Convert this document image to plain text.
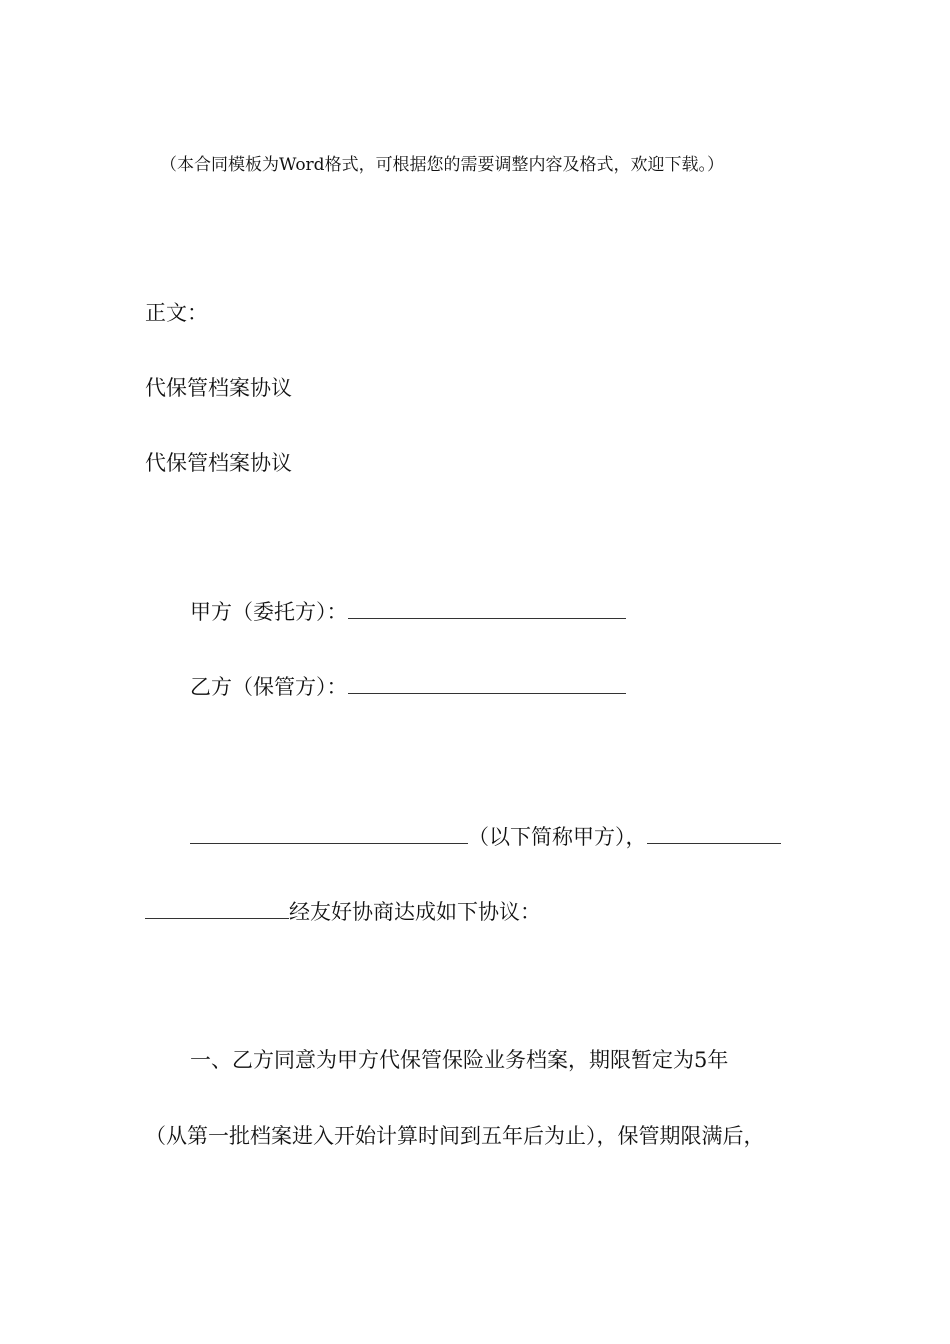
（本合同模板为Word格式，可根据您的需要调整内容及格式，欢迎下载。）
正文：
代保管档案协议
代保管档案协议
甲方（委托方）：
乙方（保管方）：
（以下简称甲方），
经友好协商达成如下协议：
一、乙方同意为甲方代保管保险业务档案，期限暂定为5年
（从第一批档案进入开始计算时间到五年后为止），保管期限满后，
